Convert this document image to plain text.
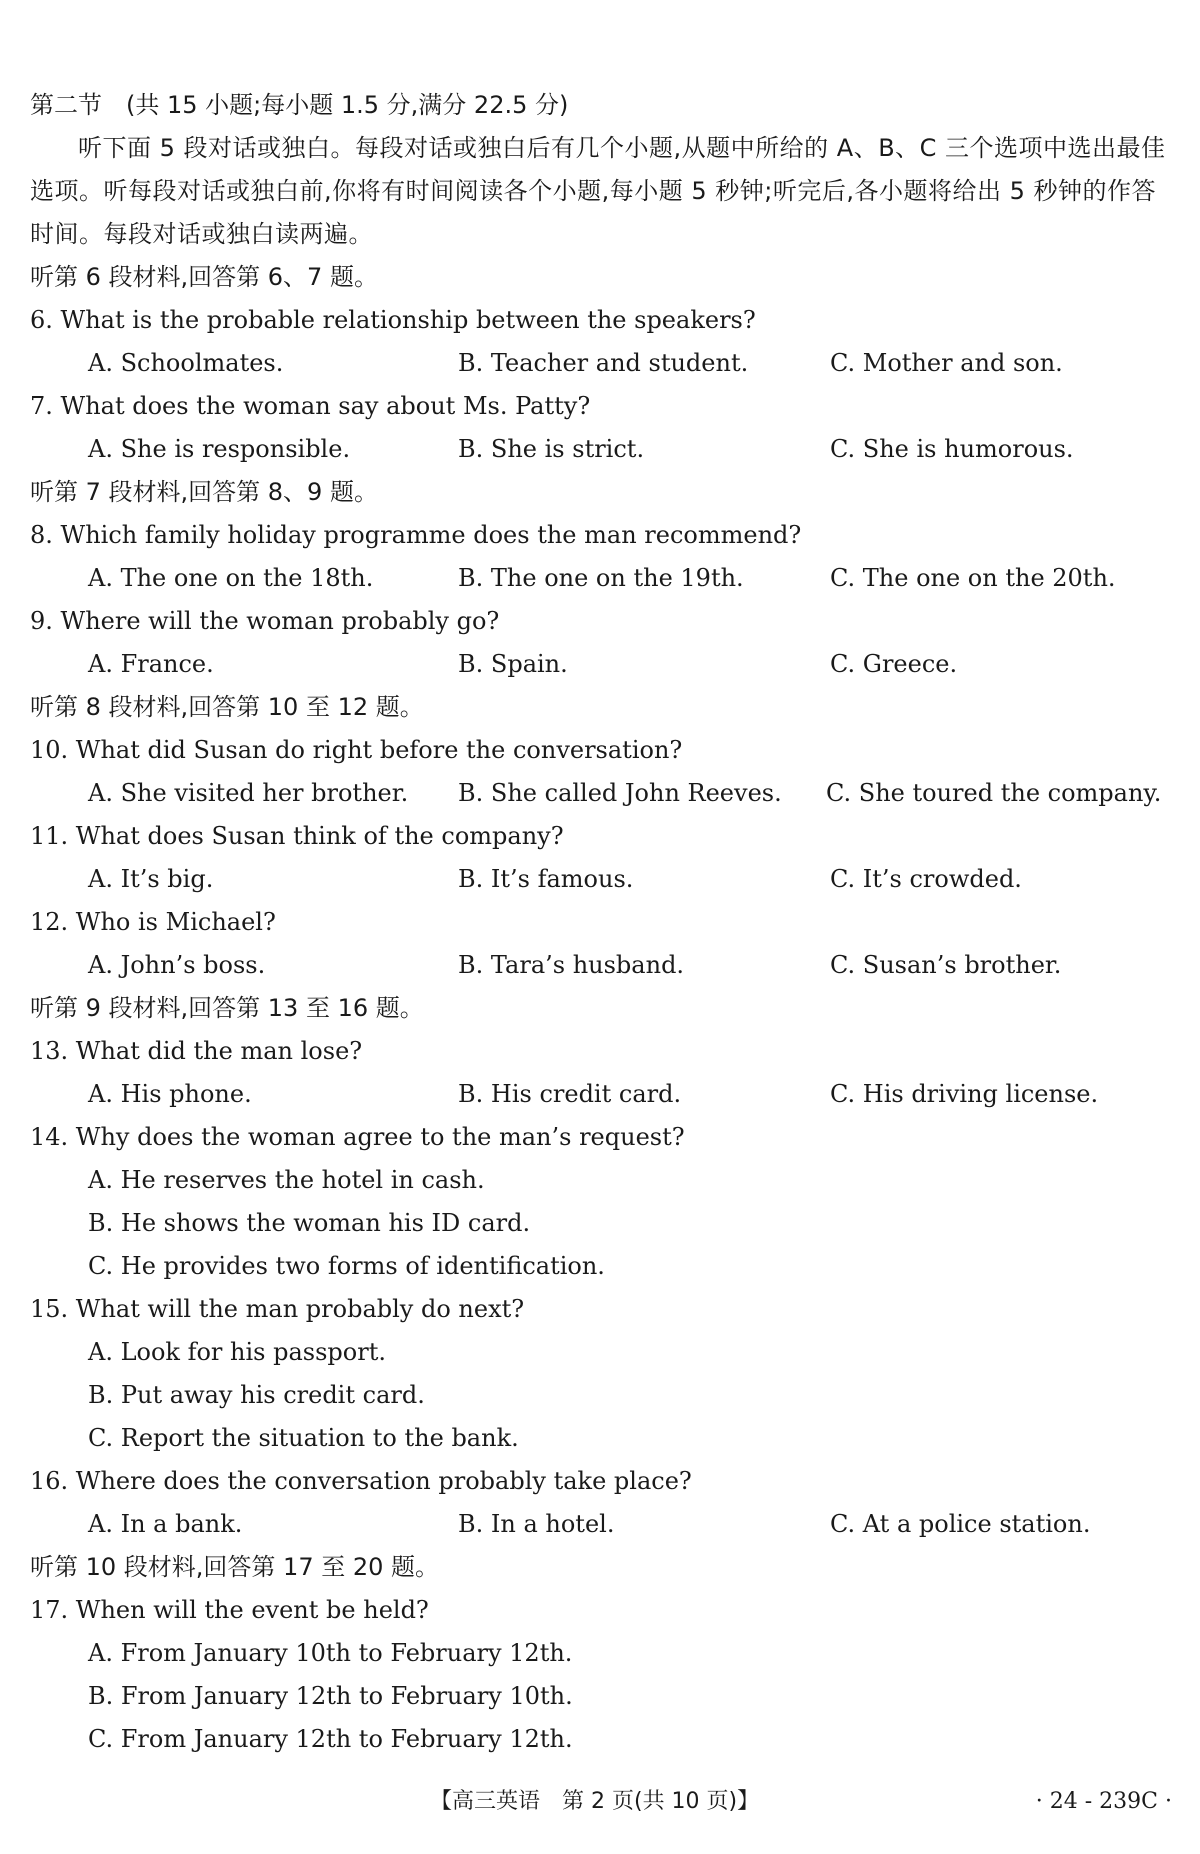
第二节　(共 15 小题;每小题 1.5 分,满分 22.5 分)
听下面 5 段对话或独白。每段对话或独白后有几个小题,从题中所给的 A、B、C 三个选项中选出最佳选项。听每段对话或独白前,你将有时间阅读各个小题,每小题 5 秒钟;听完后,各小题将给出 5 秒钟的作答时间。每段对话或独白读两遍。
听第 6 段材料,回答第 6、7 题。
6. What is the probable relationship between the speakers?
A. Schoolmates.	B. Teacher and student.	C. Mother and son.
7. What does the woman say about Ms. Patty?
A. She is responsible.	B. She is strict.	C. She is humorous.
听第 7 段材料,回答第 8、9 题。
8. Which family holiday programme does the man recommend?
A. The one on the 18th.	B. The one on the 19th.	C. The one on the 20th.
9. Where will the woman probably go?
A. France.	B. Spain.	C. Greece.
听第 8 段材料,回答第 10 至 12 题。
10. What did Susan do right before the conversation?
A. She visited her brother. B. She called John Reeves. C. She toured the company.
11. What does Susan think of the company?
A. It’s big.	B. It’s famous.	C. It’s crowded.
12. Who is Michael?
A. John’s boss.	B. Tara’s husband.	C. Susan’s brother.
听第 9 段材料,回答第 13 至 16 题。
13. What did the man lose?
A. His phone.	B. His credit card.	C. His driving license.
14. Why does the woman agree to the man’s request?
A. He reserves the hotel in cash.
B. He shows the woman his ID card.
C. He provides two forms of identification.
15. What will the man probably do next?
A. Look for his passport.
B. Put away his credit card.
C. Report the situation to the bank.
16. Where does the conversation probably take place?
A. In a bank.	B. In a hotel.	C. At a police station.
听第 10 段材料,回答第 17 至 20 题。
17. When will the event be held?
A. From January 10th to February 12th.
B. From January 12th to February 10th.
C. From January 12th to February 12th.
【高三英语　第 2 页(共 10 页)】	· 24 - 239C ·
